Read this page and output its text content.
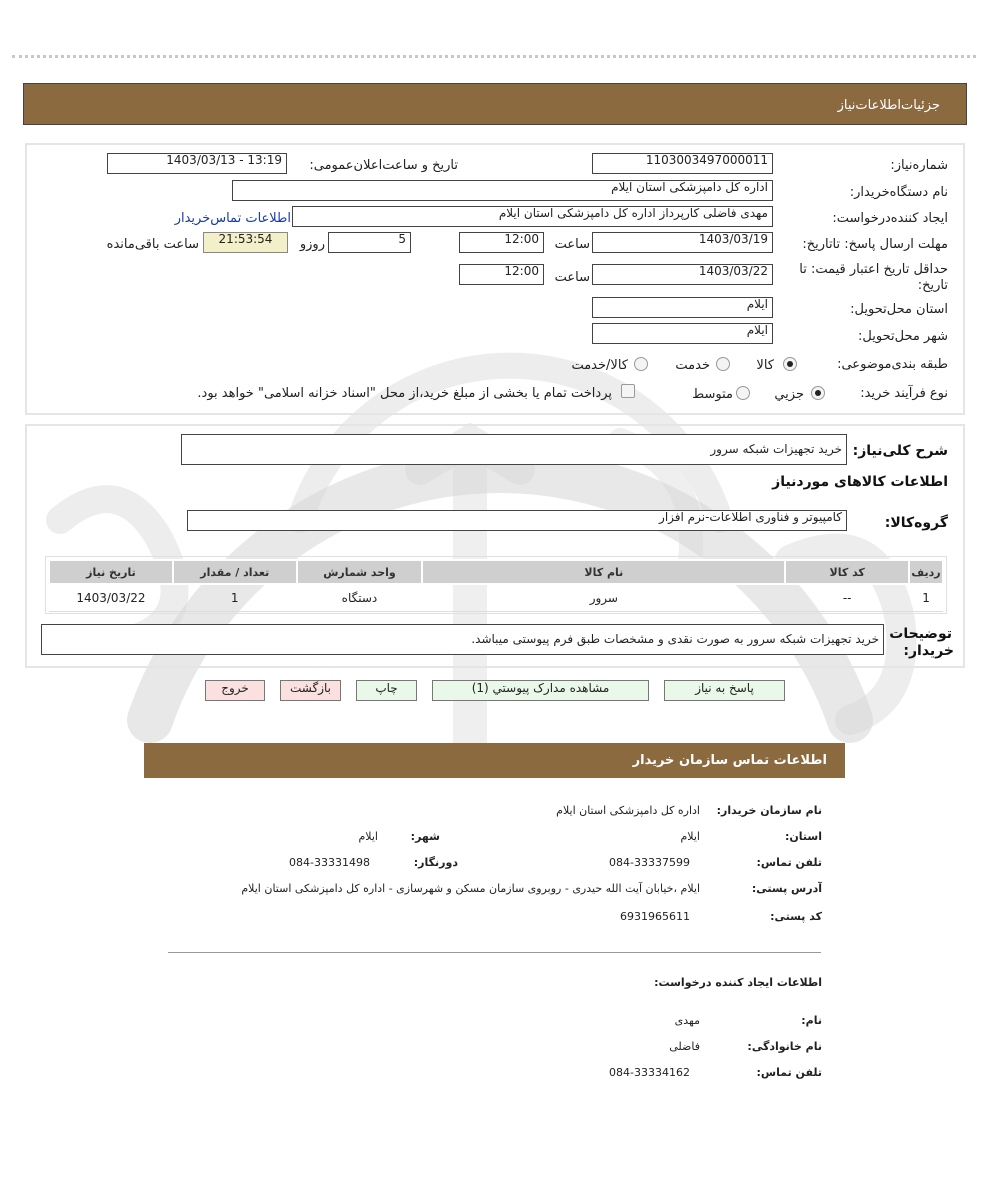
جزئیات‌اطلاعات‌نیاز
شماره‌نیاز:
1103003497000011
تاریخ و ساعت‌اعلان‌عمومی:
1403/03/13 - 13:19
نام دستگاه‌خریدار:
اداره کل دامپزشکی استان ایلام
ایجاد کننده‌درخواست:
مهدی فاضلی کارپرداز اداره کل دامپزشکی استان ایلام
اطلاعات تماس‌خریدار
مهلت ارسال پاسخ: تاتاریخ:
1403/03/19
ساعت
12:00
5
روزو
21:53:54
ساعت باقی‌مانده
حداقل تاریخ اعتبار قیمت: تا
تاریخ:
1403/03/22
ساعت
12:00
استان محل‌تحویل:
ایلام
شهر محل‌تحویل:
ایلام
طبقه بندی‌موضوعی:
کالا
خدمت
کالا/خدمت
نوع فرآیند خرید:
جزیي
متوسط
پرداخت تمام یا بخشی از مبلغ خرید،از محل "اسناد خزانه اسلامی" خواهد بود.
شرح کلی‌نیاز:
خرید تجهیزات شبکه سرور
اطلاعات کالاهای موردنیاز
گروه‌کالا:
کامپیوتر و فناوری اطلاعات-نرم افزار
ردیف	کد کالا	نام کالا	واحد شمارش	تعداد / مقدار	تاریخ نیاز
1	--	سرور	دستگاه	1	1403/03/22
توضیحات
خریدار:
خرید تجهیزات شبکه سرور به صورت نقدی و مشخصات طبق فرم پیوستی میباشد.
پاسخ به نیاز
مشاهده مدارک پیوستي (1)
چاپ
بازگشت
خروج
اطلاعات تماس سازمان خریدار
نام سازمان خریدار:
اداره کل دامپزشکی استان ایلام
استان:
ایلام
شهر:
ایلام
تلفن تماس:
084-33337599
دورنگار:
084-33331498
آدرس پستی:
ایلام ،خیابان آیت الله حیدری - روبروی سازمان مسکن و شهرسازی - اداره کل دامپزشکی استان ایلام
کد پستی:
6931965611
اطلاعات ایجاد کننده درخواست:
نام:
مهدی
نام خانوادگی:
فاضلی
تلفن تماس:
084-33334162
